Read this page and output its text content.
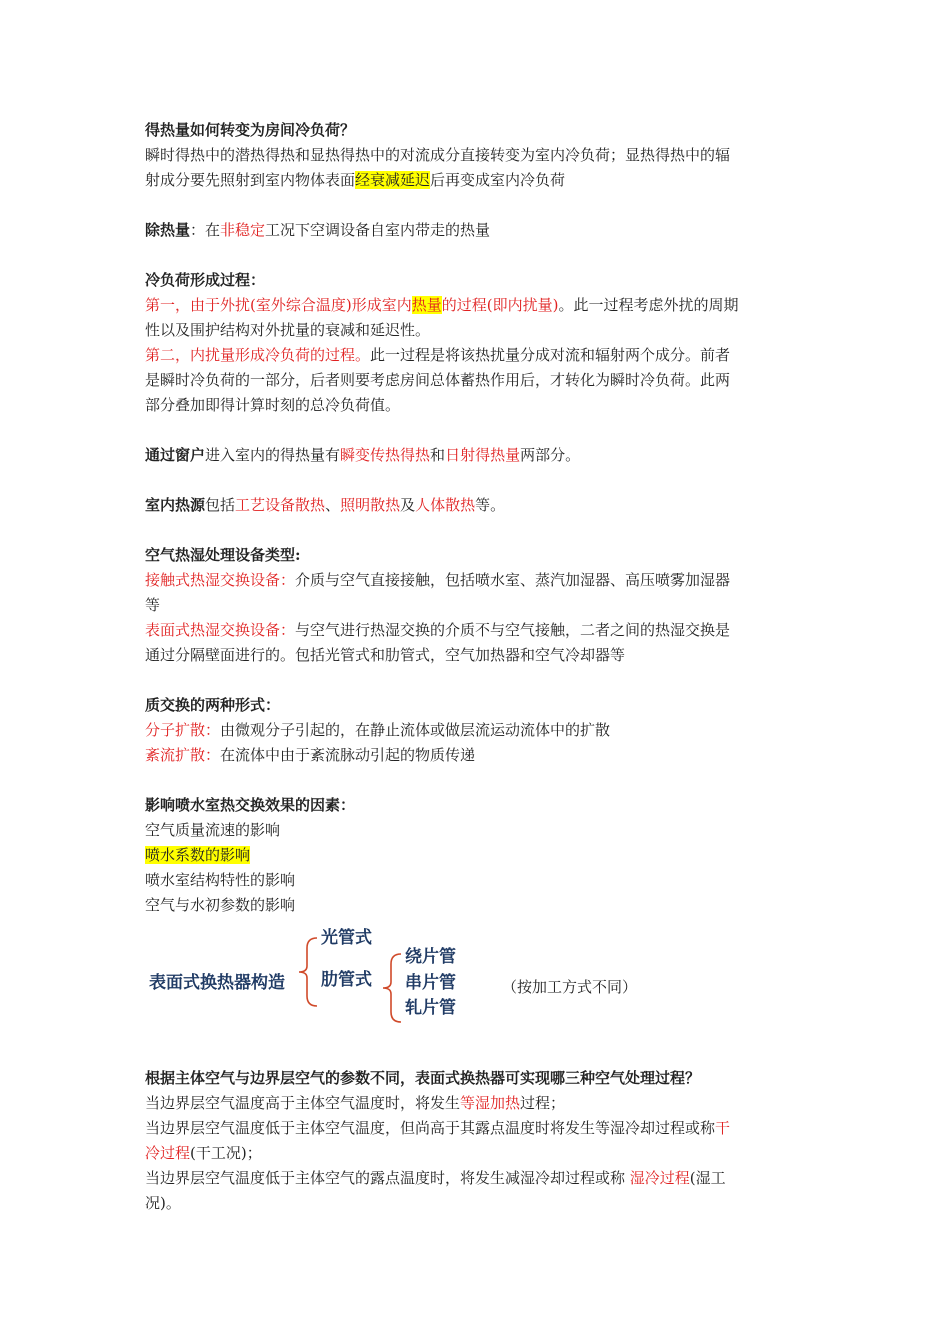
得热量如何转变为房间冷负荷？
瞬时得热中的潜热得热和显热得热中的对流成分直接转变为室内冷负荷；显热得热中的辐
射成分要先照射到室内物体表面经衰减延迟后再变成室内冷负荷
除热量：在非稳定工况下空调设备自室内带走的热量
冷负荷形成过程：
第一，由于外扰(室外综合温度)形成室内热量的过程(即内扰量)。此一过程考虑外扰的周期
性以及围护结构对外扰量的衰减和延迟性。
第二，内扰量形成冷负荷的过程。此一过程是将该热扰量分成对流和辐射两个成分。前者
是瞬时冷负荷的一部分，后者则要考虑房间总体蓄热作用后，才转化为瞬时冷负荷。此两
部分叠加即得计算时刻的总冷负荷值。
通过窗户进入室内的得热量有瞬变传热得热和日射得热量两部分。
室内热源包括工艺设备散热、照明散热及人体散热等。
空气热湿处理设备类型:
接触式热湿交换设备：介质与空气直接接触，包括喷水室、蒸汽加湿器、高压喷雾加湿器
等
表面式热湿交换设备：与空气进行热湿交换的介质不与空气接触，二者之间的热湿交换是
通过分隔壁面进行的。包括光管式和肋管式，空气加热器和空气冷却器等
质交换的两种形式：
分子扩散：由微观分子引起的，在静止流体或做层流运动流体中的扩散
紊流扩散：在流体中由于紊流脉动引起的物质传递
影响喷水室热交换效果的因素：
空气质量流速的影响
喷水系数的影响
喷水室结构特性的影响
空气与水初参数的影响
表面式换热器构造
光管式
肋管式
绕片管
串片管
轧片管
（按加工方式不同）
根据主体空气与边界层空气的参数不同，表面式换热器可实现哪三种空气处理过程？
当边界层空气温度高于主体空气温度时，将发生等湿加热过程；
当边界层空气温度低于主体空气温度，但尚高于其露点温度时将发生等湿冷却过程或称干
冷过程(干工况)；
当边界层空气温度低于主体空气的露点温度时，将发生减湿冷却过程或称 湿冷过程(湿工
况)。
